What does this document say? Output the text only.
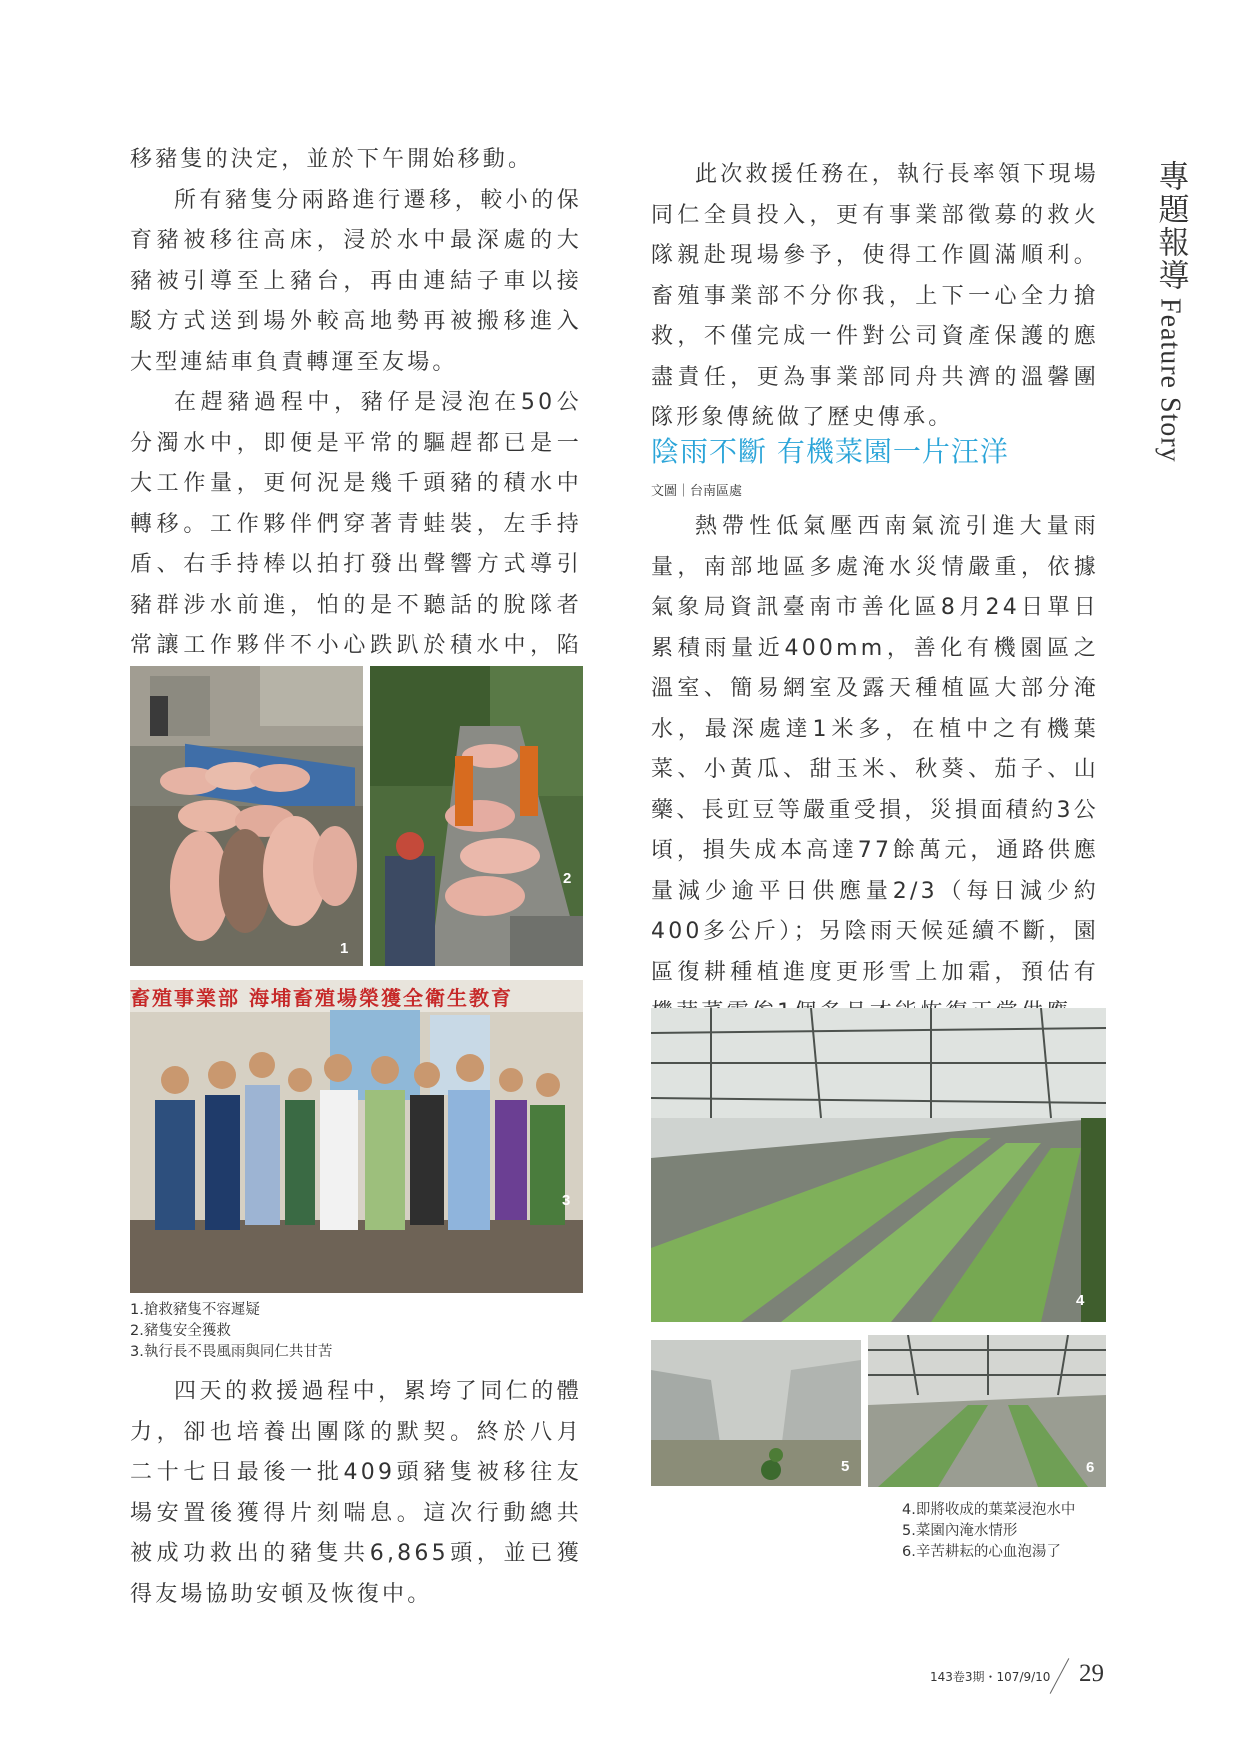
移豬隻的決定，並於下午開始移動。

所有豬隻分兩路進行遷移，較小的保育豬被移往高床，浸於水中最深處的大豬被引導至上豬台，再由連結子車以接駁方式送到場外較高地勢再被搬移進入大型連結車負責轉運至友場。

在趕豬過程中，豬仔是浸泡在50公分濁水中，即便是平常的驅趕都已是一大工作量，更何況是幾千頭豬的積水中轉移。工作夥伴們穿著青蛙裝，左手持盾、右手持棒以拍打發出聲響方式導引豬群涉水前進，怕的是不聽話的脫隊者常讓工作夥伴不小心跌趴於積水中，陷

1
2
畜殖事業部 海埔畜殖場榮獲全衛生教育
3
1.搶救豬隻不容遲疑
2.豬隻安全獲救
3.執行長不畏風雨與同仁共甘苦

四天的救援過程中，累垮了同仁的體力，卻也培養出團隊的默契。終於八月二十七日最後一批409頭豬隻被移往友場安置後獲得片刻喘息。這次行動總共被成功救出的豬隻共6,865頭，並已獲得友場協助安頓及恢復中。

此次救援任務在，執行長率領下現場同仁全員投入，更有事業部徵募的救火隊親赴現場參予，使得工作圓滿順利。畜殖事業部不分你我，上下一心全力搶救，不僅完成一件對公司資產保護的應盡責任，更為事業部同舟共濟的溫馨團隊形象傳統做了歷史傳承。

陰雨不斷 有機菜園一片汪洋
文圖｜台南區處

熱帶性低氣壓西南氣流引進大量雨量，南部地區多處淹水災情嚴重，依據氣象局資訊臺南市善化區8月24日單日累積雨量近400mm，善化有機園區之溫室、簡易網室及露天種植區大部分淹水，最深處達1米多，在植中之有機葉菜、小黃瓜、甜玉米、秋葵、茄子、山藥、長豇豆等嚴重受損，災損面積約3公頃，損失成本高達77餘萬元，通路供應量減少逾平日供應量2/3（每日減少約400多公斤）；另陰雨天候延續不斷，園區復耕種植進度更形雪上加霜，預估有

4
5	6
4.即將收成的葉菜浸泡水中
5.菜園內淹水情形
6.辛苦耕耘的心血泡湯了
專題報導
Feature Story
143卷3期・107/9/10 29
